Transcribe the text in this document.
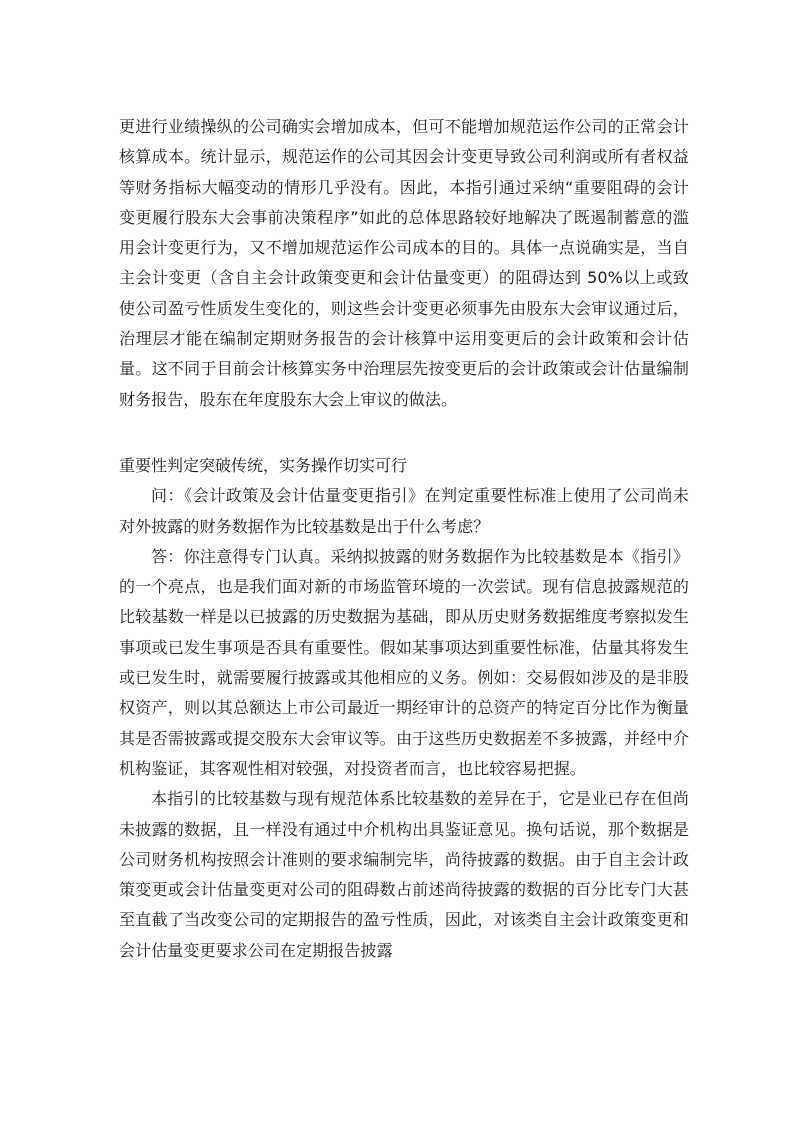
更进行业绩操纵的公司确实会增加成本，但可不能增加规范运作公司的正常会计核算成本。统计显示，规范运作的公司其因会计变更导致公司利润或所有者权益等财务指标大幅变动的情形几乎没有。因此，本指引通过采纳“重要阻碍的会计变更履行股东大会事前决策程序”如此的总体思路较好地解决了既遏制蓄意的滥用会计变更行为，又不增加规范运作公司成本的目的。具体一点说确实是，当自主会计变更（含自主会计政策变更和会计估量变更）的阻碍达到 50%以上或致使公司盈亏性质发生变化的，则这些会计变更必须事先由股东大会审议通过后，治理层才能在编制定期财务报告的会计核算中运用变更后的会计政策和会计估量。这不同于目前会计核算实务中治理层先按变更后的会计政策或会计估量编制财务报告，股东在年度股东大会上审议的做法。

重要性判定突破传统，实务操作切实可行

问：《会计政策及会计估量变更指引》在判定重要性标准上使用了公司尚未对外披露的财务数据作为比较基数是出于什么考虑？

答：你注意得专门认真。采纳拟披露的财务数据作为比较基数是本《指引》的一个亮点，也是我们面对新的市场监管环境的一次尝试。现有信息披露规范的比较基数一样是以已披露的历史数据为基础，即从历史财务数据维度考察拟发生事项或已发生事项是否具有重要性。假如某事项达到重要性标准，估量其将发生或已发生时，就需要履行披露或其他相应的义务。例如：交易假如涉及的是非股权资产，则以其总额达上市公司最近一期经审计的总资产的特定百分比作为衡量其是否需披露或提交股东大会审议等。由于这些历史数据差不多披露，并经中介机构鉴证，其客观性相对较强，对投资者而言，也比较容易把握。

本指引的比较基数与现有规范体系比较基数的差异在于，它是业已存在但尚未披露的数据，且一样没有通过中介机构出具鉴证意见。换句话说，那个数据是公司财务机构按照会计准则的要求编制完毕，尚待披露的数据。由于自主会计政策变更或会计估量变更对公司的阻碍数占前述尚待披露的数据的百分比专门大甚至直截了当改变公司的定期报告的盈亏性质，因此，对该类自主会计政策变更和会计估量变更要求公司在定期报告披露
